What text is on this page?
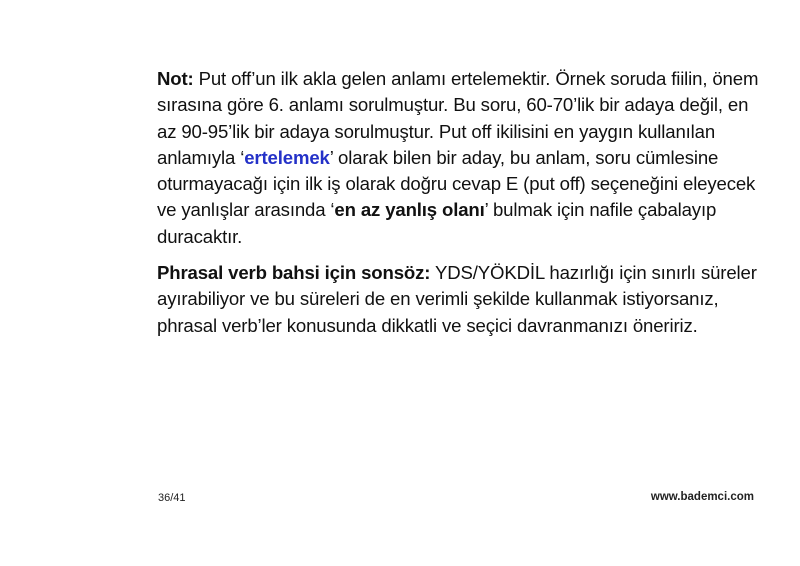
Not: Put off’un ilk akla gelen anlamı ertelemektir. Örnek soruda fiilin, önem sırasına göre 6. anlamı sorulmuştur. Bu soru, 60-70’lik bir adaya değil, en az 90-95’lik bir adaya sorulmuştur. Put off ikilisini en yaygın kullanılan anlamıyla ‘ertelemek’ olarak bilen bir aday, bu anlam, soru cümlesine oturmayacağı için ilk iş olarak doğru cevap E (put off) seçeneğini eleyecek ve yanlışlar arasında ‘en az yanlış olanı’ bulmak için nafile çabalayıp duracaktır.

Phrasal verb bahsi için sonsöz: YDS/YÖKDİL hazırlığı için sınırlı süreler ayırabiliyor ve bu süreleri de en verimli şekilde kullanmak istiyorsanız, phrasal verb’ler konusunda dikkatli ve seçici davranmanızı öneririz.

36/41	www.bademci.com
